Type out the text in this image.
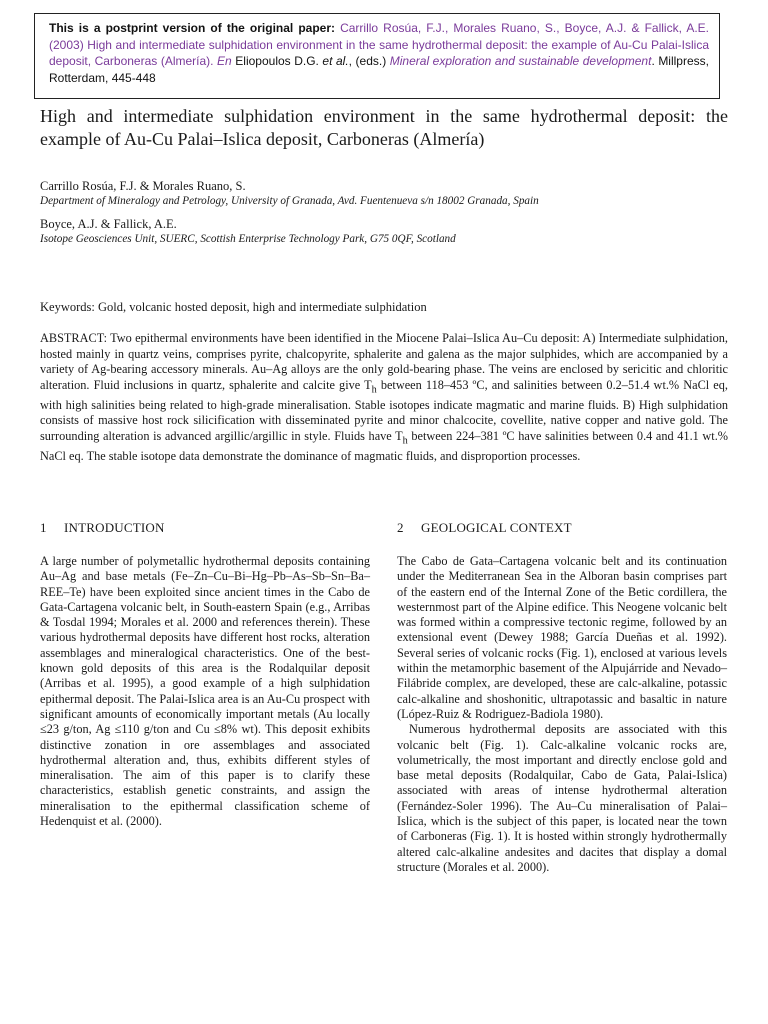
This is a postprint version of the original paper: Carrillo Rosúa, F.J., Morales Ruano, S., Boyce, A.J. & Fallick, A.E. (2003) High and intermediate sulphidation environment in the same hydrothermal deposit: the example of Au-Cu Palai-Islica deposit, Carboneras (Almería). En Eliopoulos D.G. et al., (eds.) Mineral exploration and sustainable development. Millpress, Rotterdam, 445-448
High and intermediate sulphidation environment in the same hydrothermal deposit: the example of Au-Cu Palai–Islica deposit, Carboneras (Almería)
Carrillo Rosúa, F.J. & Morales Ruano, S.
Department of Mineralogy and Petrology, University of Granada, Avd. Fuentenueva s/n 18002 Granada, Spain
Boyce, A.J. & Fallick, A.E.
Isotope Geosciences Unit, SUERC, Scottish Enterprise Technology Park, G75 0QF, Scotland
Keywords: Gold, volcanic hosted deposit, high and intermediate sulphidation

ABSTRACT: Two epithermal environments have been identified in the Miocene Palai–Islica Au–Cu deposit: A) Intermediate sulphidation, hosted mainly in quartz veins, comprises pyrite, chalcopyrite, sphalerite and galena as the major sulphides, which are accompanied by a variety of Ag-bearing accessory minerals. Au–Ag alloys are the only gold-bearing phase. The veins are enclosed by sericitic and chloritic alteration. Fluid inclusions in quartz, sphalerite and calcite give $T_h$ between 118–453 ºC, and salinities between 0.2–51.4 wt.% NaCl eq, with high salinities being related to high-grade mineralisation. Stable isotopes indicate magmatic and marine fluids. B) High sulphidation consists of massive host rock silicification with disseminated pyrite and minor chalcocite, covellite, native copper and native gold. The surrounding alteration is advanced argillic/argillic in style. Fluids have $T_h$ between 224–381 ºC have salinities between 0.4 and 41.1 wt.% NaCl eq. The stable isotope data demonstrate the dominance of magmatic fluids, and disproportion processes.

1 INTRODUCTION

A large number of polymetallic hydrothermal deposits containing Au–Ag and base metals (Fe–Zn–Cu–Bi–Hg–Pb–As–Sb–Sn–Ba–REE–Te) have been exploited since ancient times in the Cabo de Gata-Cartagena volcanic belt, in South-eastern Spain (e.g., Arribas & Tosdal 1994; Morales et al. 2000 and references therein). These various hydrothermal deposits have different host rocks, alteration assemblages and mineralogical characteristics. One of the best-known gold deposits of this area is the Rodalquilar deposit (Arribas et al. 1995), a good example of a high sulphidation epithermal deposit. The Palai-Islica area is an Au-Cu prospect with significant amounts of economically important metals (Au locally ≤23 g/ton, Ag ≤110 g/ton and Cu ≤8% wt). This deposit exhibits distinctive zonation in ore assemblages and associated hydrothermal alteration and, thus, exhibits different styles of mineralisation. The aim of this paper is to clarify these characteristics, establish genetic constraints, and assign the mineralisation to the epithermal classification scheme of Hedenquist et al. (2000).

2 GEOLOGICAL CONTEXT

The Cabo de Gata–Cartagena volcanic belt and its continuation under the Mediterranean Sea in the Alboran basin comprises part of the eastern end of the Internal Zone of the Betic cordillera, the westernmost part of the Alpine edifice. This Neogene volcanic belt was formed within a compressive tectonic regime, followed by an extensional event (Dewey 1988; García Dueñas et al. 1992). Several series of volcanic rocks (Fig. 1), enclosed at various levels within the metamorphic basement of the Alpujárride and Nevado–Filábride complex, are developed, these are calc-alkaline, potassic calc-alkaline and shoshonitic, ultrapotassic and basaltic in nature (López-Ruiz & Rodriguez-Badiola 1980).

Numerous hydrothermal deposits are associated with this volcanic belt (Fig. 1). Calc-alkaline volcanic rocks are, volumetrically, the most important and directly enclose gold and base metal deposits (Rodalquilar, Cabo de Gata, Palai-Islica) associated with areas of intense hydrothermal alteration (Fernández-Soler 1996). The Au–Cu mineralisation of Palai–Islica, which is the subject of this paper, is located near the town of Carboneras (Fig. 1). It is hosted within strongly hydrothermally altered calc-alkaline andesites and dacites that display a domal structure (Morales et al. 2000).
